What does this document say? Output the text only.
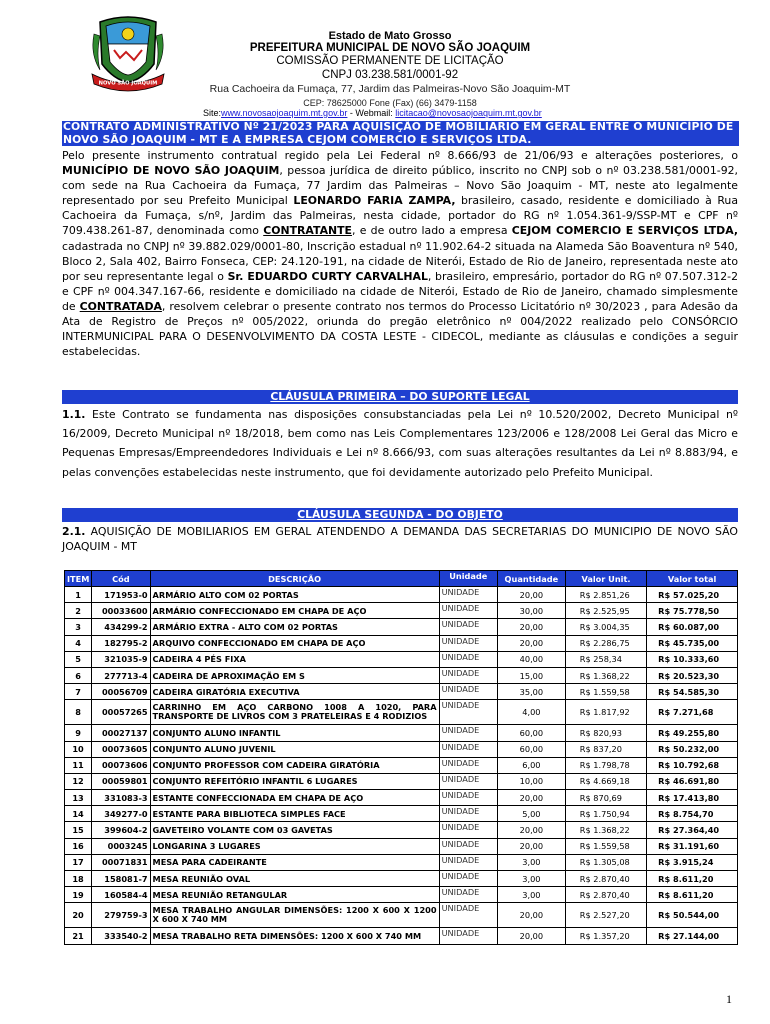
NOVO SÃO JOAQUIM
Estado de Mato Grosso
PREFEITURA MUNICIPAL DE NOVO SÃO JOAQUIM
COMISSÃO PERMANENTE DE LICITAÇÃO
CNPJ 03.238.581/0001-92
Rua Cachoeira da Fumaça, 77, Jardim das Palmeiras-Novo São Joaquim-MT
CEP: 78625000 Fone (Fax) (66) 3479-1158
Site:www.novosaojoaquim.mt.gov.br - Webmail: licitacao@novosaojoaquim.mt.gov.br
CONTRATO ADMINISTRATIVO Nº 21/2023 PARA AQUISIÇÃO DE MOBILIARIO EM GERAL ENTRE O MUNICÍPIO DE NOVO SÃO JOAQUIM - MT E A EMPRESA CEJOM COMERCIO E SERVIÇOS LTDA.
Pelo presente instrumento contratual regido pela Lei Federal nº 8.666/93 de 21/06/93 e alterações posteriores, o MUNICÍPIO DE NOVO SÃO JOAQUIM, pessoa jurídica de direito público, inscrito no CNPJ sob o nº 03.238.581/0001-92, com sede na Rua Cachoeira da Fumaça, 77 Jardim das Palmeiras – Novo São Joaquim - MT, neste ato legalmente representado por seu Prefeito Municipal LEONARDO FARIA ZAMPA, brasileiro, casado, residente e domiciliado à Rua Cachoeira da Fumaça, s/nº, Jardim das Palmeiras, nesta cidade, portador do RG nº 1.054.361-9/SSP-MT e CPF nº 709.438.261-87, denominada como CONTRATANTE, e de outro lado a empresa CEJOM COMERCIO E SERVIÇOS LTDA, cadastrada no CNPJ nº 39.882.029/0001-80, Inscrição estadual nº 11.902.64-2 situada na Alameda São Boaventura nº 540, Bloco 2, Sala 402, Bairro Fonseca, CEP: 24.120-191, na cidade de Niterói, Estado de Rio de Janeiro, representada neste ato por seu representante legal o Sr. EDUARDO CURTY CARVALHAL, brasileiro, empresário, portador do RG nº 07.507.312-2 e CPF nº 004.347.167-66, residente e domiciliado na cidade de Niterói, Estado de Rio de Janeiro, chamado simplesmente de CONTRATADA, resolvem celebrar o presente contrato nos termos do Processo Licitatório nº 30/2023 , para Adesão da Ata de Registro de Preços nº 005/2022, oriunda do pregão eletrônico nº 004/2022 realizado pelo CONSÓRCIO INTERMUNICIPAL PARA O DESENVOLVIMENTO DA COSTA LESTE - CIDECOL, mediante as cláusulas e condições a seguir estabelecidas.
CLÁUSULA PRIMEIRA – DO SUPORTE LEGAL
1.1. Este Contrato se fundamenta nas disposições consubstanciadas pela Lei nº 10.520/2002, Decreto Municipal nº 16/2009, Decreto Municipal nº 18/2018, bem como nas Leis Complementares 123/2006 e 128/2008 Lei Geral das Micro e Pequenas Empresas/Empreendedores Individuais e Lei nº 8.666/93, com suas alterações resultantes da Lei nº 8.883/94, e pelas convenções estabelecidas neste instrumento, que foi devidamente autorizado pelo Prefeito Municipal.
CLÁUSULA SEGUNDA - DO OBJETO
2.1. AQUISIÇÃO DE MOBILIARIOS EM GERAL ATENDENDO A DEMANDA DAS SECRETARIAS DO MUNICIPIO DE NOVO SÃO JOAQUIM - MT
ITEM	Cód	DESCRIÇÃO	Unidade	Quantidade	Valor Unit.	Valor total
1	171953-0	ARMÁRIO ALTO COM 02 PORTAS	UNIDADE	20,00	R$ 2.851,26	R$ 57.025,20
2	00033600	ARMÁRIO CONFECCIONADO EM CHAPA DE AÇO	UNIDADE	30,00	R$ 2.525,95	R$ 75.778,50
3	434299-2	ARMÁRIO EXTRA - ALTO COM 02 PORTAS	UNIDADE	20,00	R$ 3.004,35	R$ 60.087,00
4	182795-2	ARQUIVO CONFECCIONADO EM CHAPA DE AÇO	UNIDADE	20,00	R$ 2.286,75	R$ 45.735,00
5	321035-9	CADEIRA 4 PÉS FIXA	UNIDADE	40,00	R$ 258,34	R$ 10.333,60
6	277713-4	CADEIRA DE APROXIMAÇÃO EM S	UNIDADE	15,00	R$ 1.368,22	R$ 20.523,30
7	00056709	CADEIRA GIRATÓRIA EXECUTIVA	UNIDADE	35,00	R$ 1.559,58	R$ 54.585,30
8	00057265	CARRINHO EM AÇO CARBONO 1008 A 1020, PARA TRANSPORTE DE LIVROS COM 3 PRATELEIRAS E 4 RODIZIOS	UNIDADE	4,00	R$ 1.817,92	R$ 7.271,68
9	00027137	CONJUNTO ALUNO INFANTIL	UNIDADE	60,00	R$ 820,93	R$ 49.255,80
10	00073605	CONJUNTO ALUNO JUVENIL	UNIDADE	60,00	R$ 837,20	R$ 50.232,00
11	00073606	CONJUNTO PROFESSOR COM CADEIRA GIRATÓRIA	UNIDADE	6,00	R$ 1.798,78	R$ 10.792,68
12	00059801	CONJUNTO REFEITÓRIO INFANTIL 6 LUGARES	UNIDADE	10,00	R$ 4.669,18	R$ 46.691,80
13	331083-3	ESTANTE CONFECCIONADA EM CHAPA DE AÇO	UNIDADE	20,00	R$ 870,69	R$ 17.413,80
14	349277-0	ESTANTE PARA BIBLIOTECA SIMPLES FACE	UNIDADE	5,00	R$ 1.750,94	R$ 8.754,70
15	399604-2	GAVETEIRO VOLANTE COM 03 GAVETAS	UNIDADE	20,00	R$ 1.368,22	R$ 27.364,40
16	0003245	LONGARINA 3 LUGARES	UNIDADE	20,00	R$ 1.559,58	R$ 31.191,60
17	00071831	MESA PARA CADEIRANTE	UNIDADE	3,00	R$ 1.305,08	R$ 3.915,24
18	158081-7	MESA REUNIÃO OVAL	UNIDADE	3,00	R$ 2.870,40	R$ 8.611,20
19	160584-4	MESA REUNIÃO RETANGULAR	UNIDADE	3,00	R$ 2.870,40	R$ 8.611,20
20	279759-3	MESA TRABALHO ANGULAR DIMENSÕES: 1200 X 600 X 1200 X 600 X 740 MM	UNIDADE	20,00	R$ 2.527,20	R$ 50.544,00
21	333540-2	MESA TRABALHO RETA DIMENSÕES: 1200 X 600 X 740 MM	UNIDADE	20,00	R$ 1.357,20	R$ 27.144,00
1
